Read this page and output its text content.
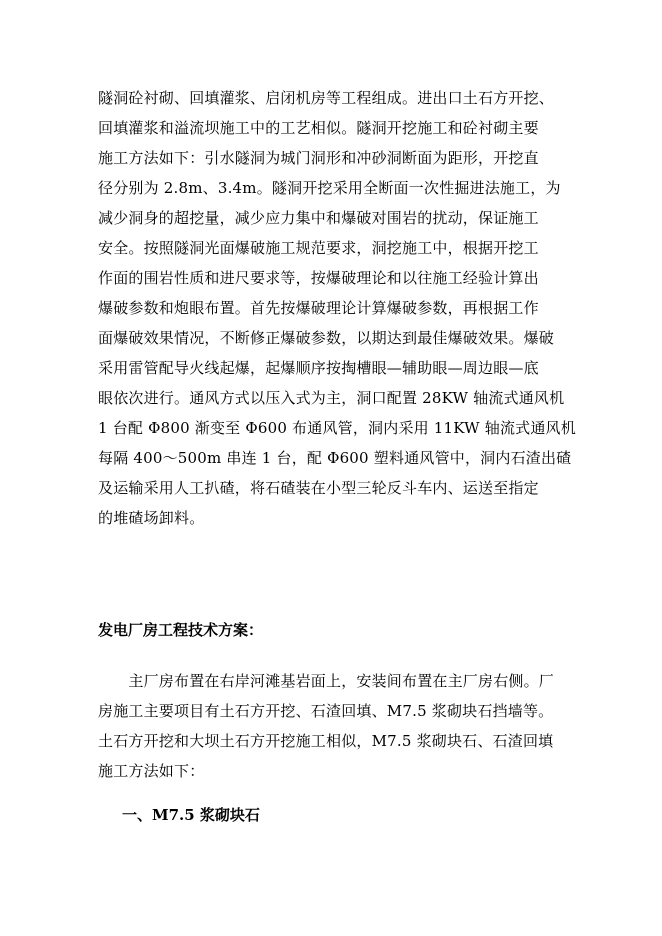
隧洞砼衬砌、回填灌浆、启闭机房等工程组成。进出口土石方开挖、
回填灌浆和溢流坝施工中的工艺相似。隧洞开挖施工和砼衬砌主要
施工方法如下：引水隧洞为城门洞形和冲砂洞断面为距形，开挖直
径分别为 2.8m、3.4m。隧洞开挖采用全断面一次性掘进法施工，为
减少洞身的超挖量，减少应力集中和爆破对围岩的扰动，保证施工
安全。按照隧洞光面爆破施工规范要求，洞挖施工中，根据开挖工
作面的围岩性质和进尺要求等，按爆破理论和以往施工经验计算出
爆破参数和炮眼布置。首先按爆破理论计算爆破参数，再根据工作
面爆破效果情况，不断修正爆破参数，以期达到最佳爆破效果。爆破
采用雷管配导火线起爆，起爆顺序按掏槽眼—辅助眼—周边眼—底
眼依次进行。通风方式以压入式为主，洞口配置 28KW 轴流式通风机
1 台配 Φ800 渐变至 Φ600 布通风管，洞内采用 11KW 轴流式通风机
每隔 400～500m 串连 1 台，配 Φ600 塑料通风管中，洞内石渣出碴
及运输采用人工扒碴，将石碴装在小型三轮反斗车内、运送至指定
的堆碴场卸料。
发电厂房工程技术方案：
　　主厂房布置在右岸河滩基岩面上，安装间布置在主厂房右侧。厂
房施工主要项目有土石方开挖、石渣回填、M7.5 浆砌块石挡墙等。
土石方开挖和大坝土石方开挖施工相似，M7.5 浆砌块石、石渣回填
施工方法如下：
一、M7.5 浆砌块石
